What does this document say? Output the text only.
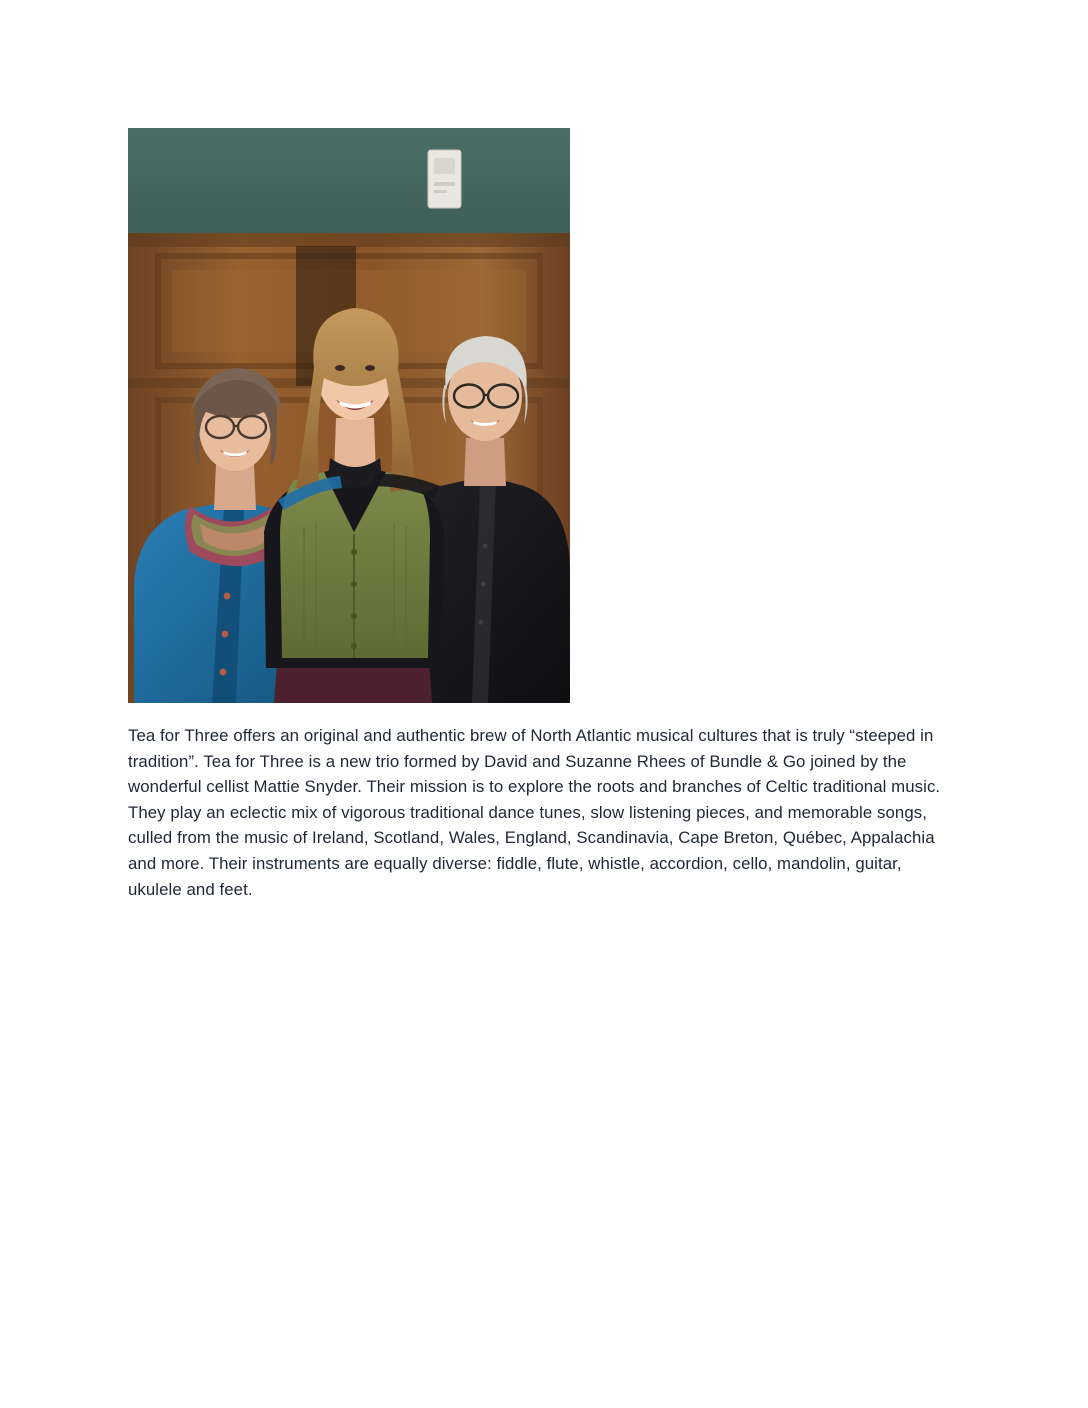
Tea for Three offers an original and authentic brew of North Atlantic musical cultures that is truly “steeped in tradition”. Tea for Three is a new trio formed by David and Suzanne Rhees of Bundle & Go joined by the wonderful cellist Mattie Snyder. Their mission is to explore the roots and branches of Celtic traditional music. They play an eclectic mix of vigorous traditional dance tunes, slow listening pieces, and memorable songs, culled from the music of Ireland, Scotland, Wales, England, Scandinavia, Cape Breton, Québec, Appalachia and more. Their instruments are equally diverse: fiddle, flute, whistle, accordion, cello, mandolin, guitar, ukulele and feet.
